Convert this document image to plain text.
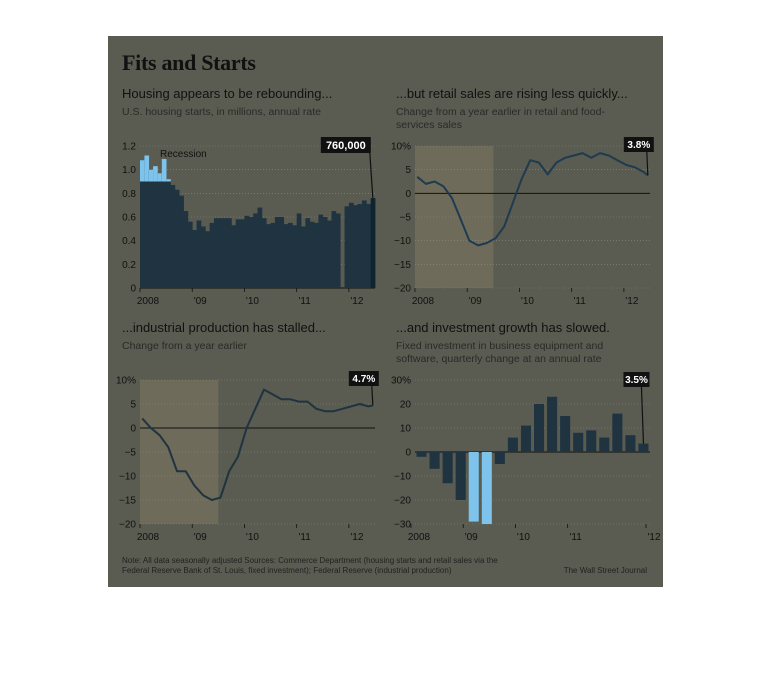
Fits and Starts
Housing appears to be rebounding...
U.S. housing starts, in millions, annual rate
...but retail sales are rising less quickly...
Change from a year earlier in retail and food-services sales
...industrial production has stalled...
Change from a year earlier
...and investment growth has slowed.
Fixed investment in business equipment and software, quarterly change at an annual rate
1.2
1.0
0.8
0.6
0.4
0.2
0
Recession
760,000
2008	'09	'10	'11	'12
10%
5
0
−5
−10
−15
−20
3.8%
2008	'09	'10	'11	'12
10%
5
0
−5
−10
−15
−20
4.7%
2008	'09	'10	'11	'12
30%
20
10
0
−10
−20
−30
3.5%
2008	'09	'10	'11	'12
Note: All data seasonally adjusted Sources: Commerce Department (housing starts and retail sales via the Federal Reserve Bank of St. Louis, fixed investment); Federal Reserve (industrial production)	The Wall Street Journal
